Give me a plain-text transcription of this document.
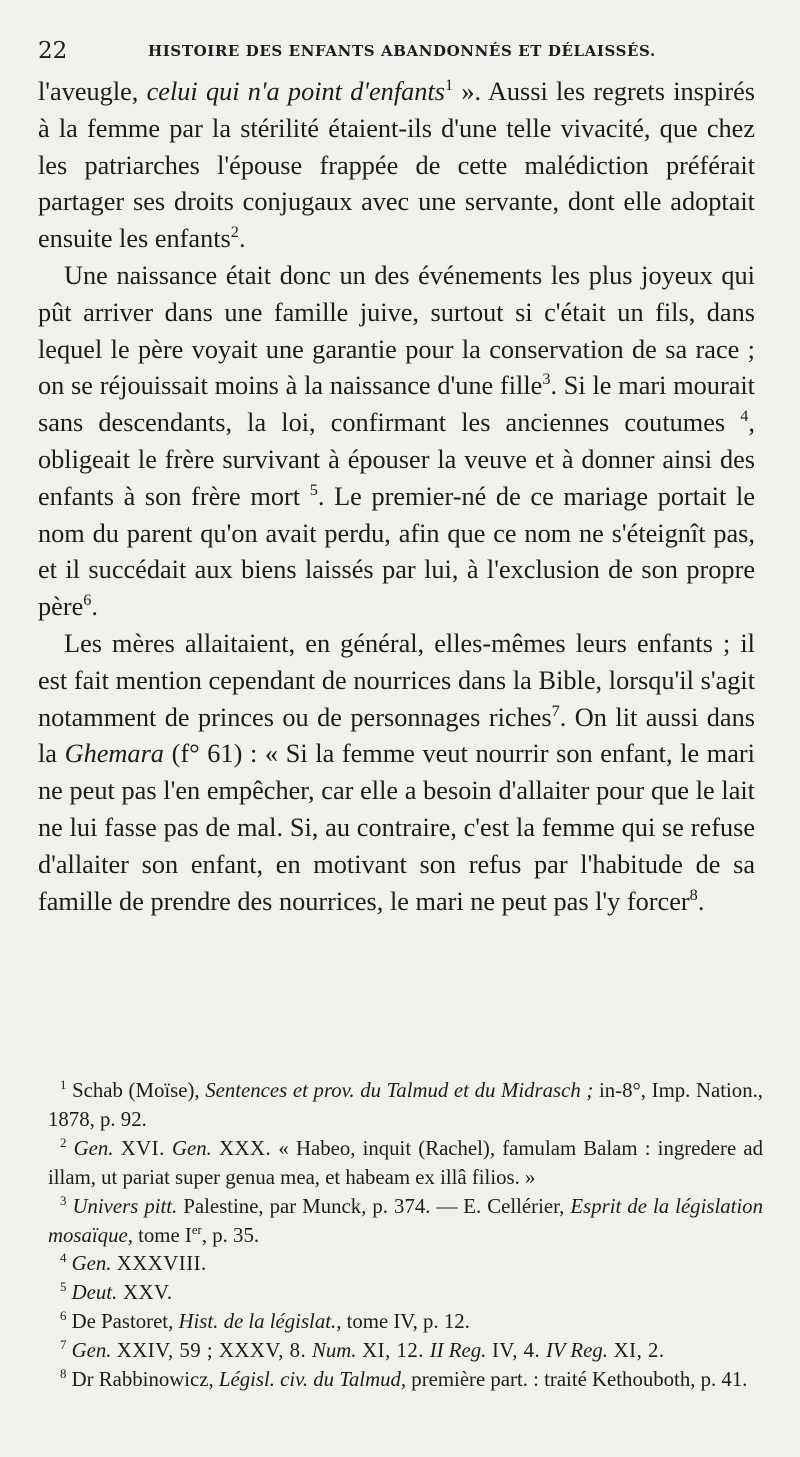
22	HISTOIRE DES ENFANTS ABANDONNÉS ET DÉLAISSÉS.

l'aveugle, celui qui n'a point d'enfants$^1$ ». Aussi les regrets inspirés à la femme par la stérilité étaient-ils d'une telle vivacité, que chez les patriarches l'épouse frappée de cette malédiction préférait partager ses droits conjugaux avec une servante, dont elle adoptait ensuite les enfants$^2$.

Une naissance était donc un des événements les plus joyeux qui pût arriver dans une famille juive, surtout si c'était un fils, dans lequel le père voyait une garantie pour la conservation de sa race ; on se réjouissait moins à la naissance d'une fille$^3$. Si le mari mourait sans descendants, la loi, confirmant les anciennes coutumes $^4$, obligeait le frère survivant à épouser la veuve et à donner ainsi des enfants à son frère mort $^5$. Le premier-né de ce mariage portait le nom du parent qu'on avait perdu, afin que ce nom ne s'éteignît pas, et il succédait aux biens laissés par lui, à l'exclusion de son propre père$^6$.

Les mères allaitaient, en général, elles-mêmes leurs enfants ; il est fait mention cependant de nourrices dans la Bible, lorsqu'il s'agit notamment de princes ou de personnages riches$^7$. On lit aussi dans la Ghemara (f° 61) : « Si la femme veut nourrir son enfant, le mari ne peut pas l'en empêcher, car elle a besoin d'allaiter pour que le lait ne lui fasse pas de mal. Si, au contraire, c'est la femme qui se refuse d'allaiter son enfant, en motivant son refus par l'habitude de sa famille de prendre des nourrices, le mari ne peut pas l'y forcer$^8$.

$^1$ Schab (Moïse), Sentences et prov. du Talmud et du Midrasch ; in-8°, Imp. Nation., 1878, p. 92.

$^2$ Gen. XVI. Gen. XXX. « Habeo, inquit (Rachel), famulam Balam : ingredere ad illam, ut pariat super genua mea, et habeam ex illâ filios. »

$^3$ Univers pitt. Palestine, par Munck, p. 374. — E. Cellérier, Esprit de la législation mosaïque, tome Ier, p. 35.

$^4$ Gen. XXXVIII.

$^5$ Deut. XXV.

$^6$ De Pastoret, Hist. de la législat., tome IV, p. 12.

$^7$ Gen. XXIV, 59 ; XXXV, 8. Num. XI, 12. II Reg. IV, 4. IV Reg. XI, 2.

$^8$ Dr Rabbinowicz, Législ. civ. du Talmud, première part. : traité Kethouboth, p. 41.
